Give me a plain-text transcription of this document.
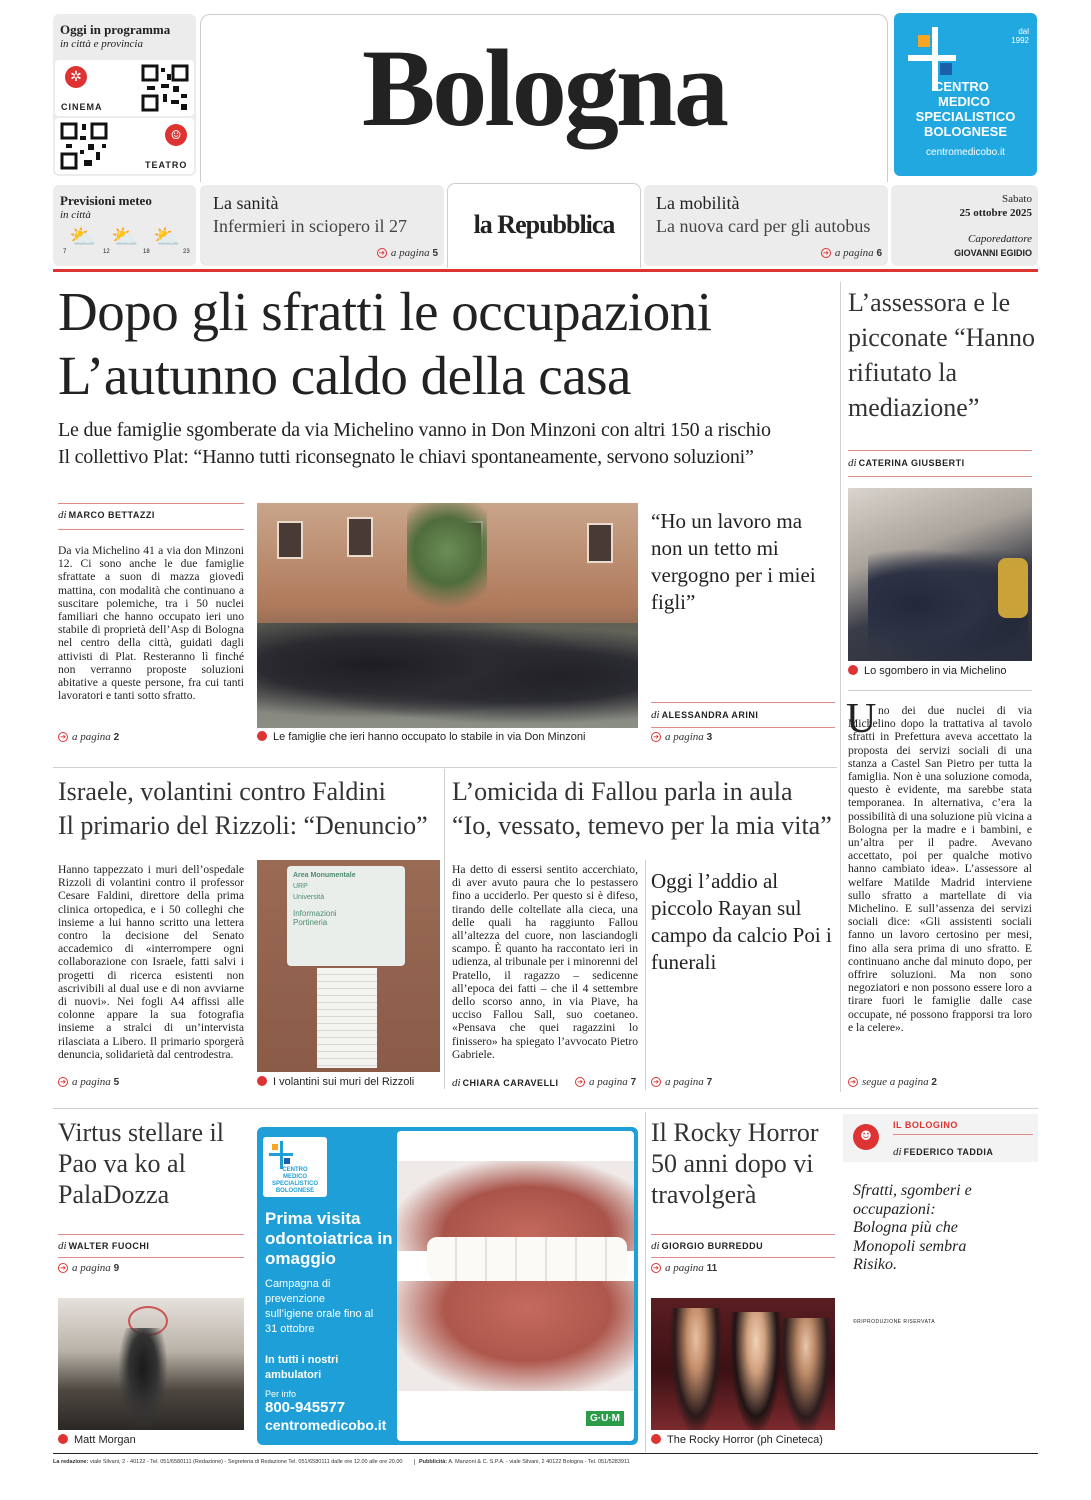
Oggi in programma
in città e provincia
✲
CINEMA
☺
TEATRO
Bologna	dal
1992
CENTRO
MEDICO
SPECIALISTICO
BOLOGNESE
centromedicobo.it
Previsioni meteo
in città
⛅ ⛅ ⛅
7	12	18	23
La sanità
Infermieri in sciopero il 27
➔ a pagina 5
la Repubblica
La mobilità
La nuova card per gli autobus
➔ a pagina 6
Sabato
25 ottobre 2025
Caporedattore
GIOVANNI EGIDIO
Dopo gli sfratti le occupazioni
L’autunno caldo della casa
Le due famiglie sgomberate da via Michelino vanno in Don Minzoni con altri 150 a rischio
Il collettivo Plat: “Hanno tutti riconsegnato le chiavi spontaneamente, servono soluzioni”
di MARCO BETTAZZI
Da via Michelino 41 a via don Minzoni 12. Ci sono anche le due famiglie sfrattate a suon di mazza giovedì mattina, con modalità che continuano a suscitare polemiche, tra i 50 nuclei familiari che hanno occupato ieri uno stabile di proprietà dell’Asp di Bologna nel centro della città, guidati dagli attivisti di Plat. Resteranno lì finché non verranno proposte soluzioni abitative a queste persone, fra cui tanti lavoratori e tanti sotto sfratto.
➔ a pagina 2	Le famiglie che ieri hanno occupato lo stabile in via Don Minzoni
“Ho un lavoro ma non un tetto mi vergogno per i miei figli”
di ALESSANDRA ARINI
➔ a pagina 3
L’assessora e le picconate “Hanno rifiutato la mediazione”
di CATERINA GIUSBERTI
Lo sgombero in via Michelino
U no dei due nuclei di via Michelino dopo la trattativa al tavolo sfratti in Prefettura aveva accettato la proposta dei servizi sociali di una stanza a Castel San Pietro per tutta la famiglia. Non è una soluzione comoda, questo è evidente, ma sarebbe stata temporanea. In alternativa, c’era la possibilità di una soluzione più vicina a Bologna per la madre e i bambini, e un’altra per il padre. Avevano accettato, poi per qualche motivo hanno cambiato idea». L’assessore al welfare Matilde Madrid interviene sullo sfratto a martellate di via Michelino. E sull’assenza dei servizi sociali dice: «Gli assistenti sociali fanno un lavoro certosino per mesi, fino alla sera prima di uno sfratto. E continuano anche dal minuto dopo, per offrire soluzioni. Ma non sono negoziatori e non possono essere loro a tirare fuori le famiglie dalle case occupate, né possono frapporsi tra loro e la celere».
➔ segue a pagina 2
Israele, volantini contro Faldini
Il primario del Rizzoli: “Denuncio”
Hanno tappezzato i muri dell’ospedale Rizzoli di volantini contro il professor Cesare Faldini, direttore della prima clinica ortopedica, e i 50 colleghi che insieme a lui hanno scritto una lettera contro la decisione del Senato accademico di «interrompere ogni collaborazione con Israele, fatti salvi i progetti di ricerca esistenti non ascrivibili al dual use e di non avviarne di nuovi». Nei fogli A4 affissi alle colonne appare la sua fotografia insieme a stralci di un’intervista rilasciata a Libero. Il primario sporgerà denuncia, solidarietà dal centrodestra.
➔ a pagina 5
Area Monumentale
URP
Università
Informazioni
Portineria
I volantini sui muri del Rizzoli
L’omicida di Fallou parla in aula
“Io, vessato, temevo per la mia vita”
Ha detto di essersi sentito accerchiato, di aver avuto paura che lo pestassero fino a ucciderlo. Per questo si è difeso, tirando delle coltellate alla cieca, una delle quali ha raggiunto Fallou all’altezza del cuore, non lasciandogli scampo. È quanto ha raccontato ieri in udienza, al tribunale per i minorenni del Pratello, il ragazzo – sedicenne all’epoca dei fatti – che il 4 settembre dello scorso anno, in via Piave, ha ucciso Fallou Sall, suo coetaneo. «Pensava che quei ragazzini lo finissero» ha spiegato l’avvocato Pietro Gabriele.
di CHIARA CARAVELLI	➔ a pagina 7
Oggi l’addio al piccolo Rayan sul campo da calcio Poi i funerali
➔ a pagina 7
Virtus stellare il Pao va ko al PalaDozza
di WALTER FUOCHI
➔ a pagina 9
Matt Morgan
CENTRO
MEDICO
SPECIALISTICO
BOLOGNESE
Prima visita odontoiatrica in omaggio
Campagna di prevenzione sull’igiene orale fino al 31 ottobre
In tutti i nostri ambulatori
Per info
800-945577
centromedicobo.it	G·U·M
Il Rocky Horror 50 anni dopo vi travolgerà
di GIORGIO BURREDDU
➔ a pagina 11
The Rocky Horror (ph Cineteca)
☻
IL BOLOGINO
di FEDERICO TADDIA
Sfratti, sgomberi e occupazioni: Bologna più che Monopoli sembra Risiko.
©RIPRODUZIONE RISERVATA
La redazione: viale Silvani, 2 - 40122 - Tel. 051/6580111 (Redazione) - Segreteria di Redazione Tel. 051/6580111 dalle ore 12.00 alle ore 20.00	Pubblicità: A. Manzoni & C. S.P.A. - viale Silvani, 2 40122 Bologna - Tel. 051/5283911
